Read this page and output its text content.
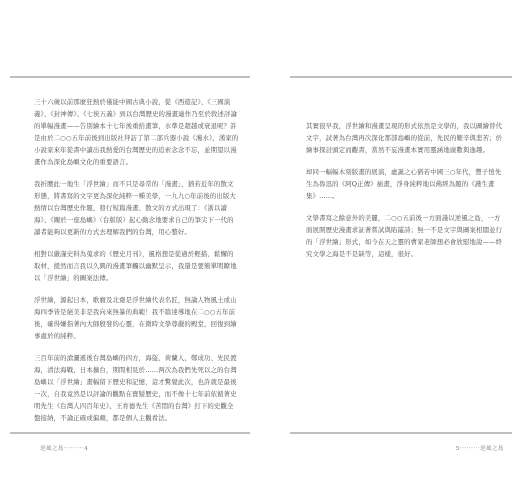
三十六歲以前那麼狂熱於僅能中國古典小說，從《西遊記》、《三國演義》、《封神傳》、《七俠五義》到以台灣歷史的漫畫連作乃至於敘述評論的單幅漫畫——告別繪本十七年後重拾畫筆，水準是超越或衰退呢？許是由於二○○五年前後到出版社拜訪了第二部兵器小說《濁水》，漢家的小說家來年從書中讀出我熱愛的台灣歷史的追索念念不忘，並期望以漫畫作為深化島嶼文化的重要語言。

我折腰此一地生「浮世繪」而不只是尋常的「漫畫」，猶若近年的散文形態，將書寫的文字更為深化純粹一種美學，一九九○年前後的出版大熱情以台灣歷史作題，發行短篇漫畫、散文的方式出現了：《浙以讀海》、《關於一座島嶼》（台版版）起心動念地要求自己的筆尖下一代的讀者能夠以更新的方式去理解我們的台灣，用心整好。

相對以嚴謹史料為蒐求的《歷史月刊》，風格想是從過於輕描、鬆懈的取材，援然而言我以久興的漫畫筆觸以幽默呈示，我還是要簡單明瞭地以「浮世繪」的圖案法傳。

浮世繪，源起日本，歌麿及北齋是浮世繪代表名匠，無論人物風土或山海四季皆是絕美非是我向來無暴的典範！我不篇達導地在二○○五年前後，確得嫌指著內大師殷發的心靈，在微時文學尊嚴的殿堂，回復到繪事處於的純粹。

三百年前的滄灑遞後台灣島嶼的四方，海盜、荷蘭人、鄭成功、先民渡海，清法海戰、日本擴台，期間相見於……两次為我們先死以之的台灣島嶼以「浮世繪」畫幅留下歷史和記憶，這才驚覺此次，也許就是最後一次，自我竟然是以評論的觀點在寶疑歷史，而不像十七年前依循著史明先生《台灣人四百年史》、王育德先生《苦悶的台灣》打下的史觀全盤接納，不論正確或偏頗，都是個人主觀看法。

逆風之島·········4

其實很早我，浮世繪和漫畫呈現的形式依然是文學的，我以圖繪替代文字，試著為台灣再次深化那部島嶼的從前，先民的艱辛與悲苦；於繪事探討頭定而觀書，當然不妄漫畫本實用靈涵地廣數與逸趣。

却同一幅幅木刻版畫的展演，虛誕之心猶若中國三○年代，豐子愷先生為魯迅的《阿Q正傳》插畫，淨身純粹地以佛經為題的《護生畫集》……。

文學書寫之餘意外的美麗，二○○五前後一方面謹以逆風之島，一方面展開歷史漫畫求証著嘗試與陷罷詩；無一不是文字與圖案相闊並行的「浮世繪」形式，如今在天之靈的曹家老師想必會欣慰地說——終究文學之海是不是缺等，這樣，很好。

5·········逆風之島
